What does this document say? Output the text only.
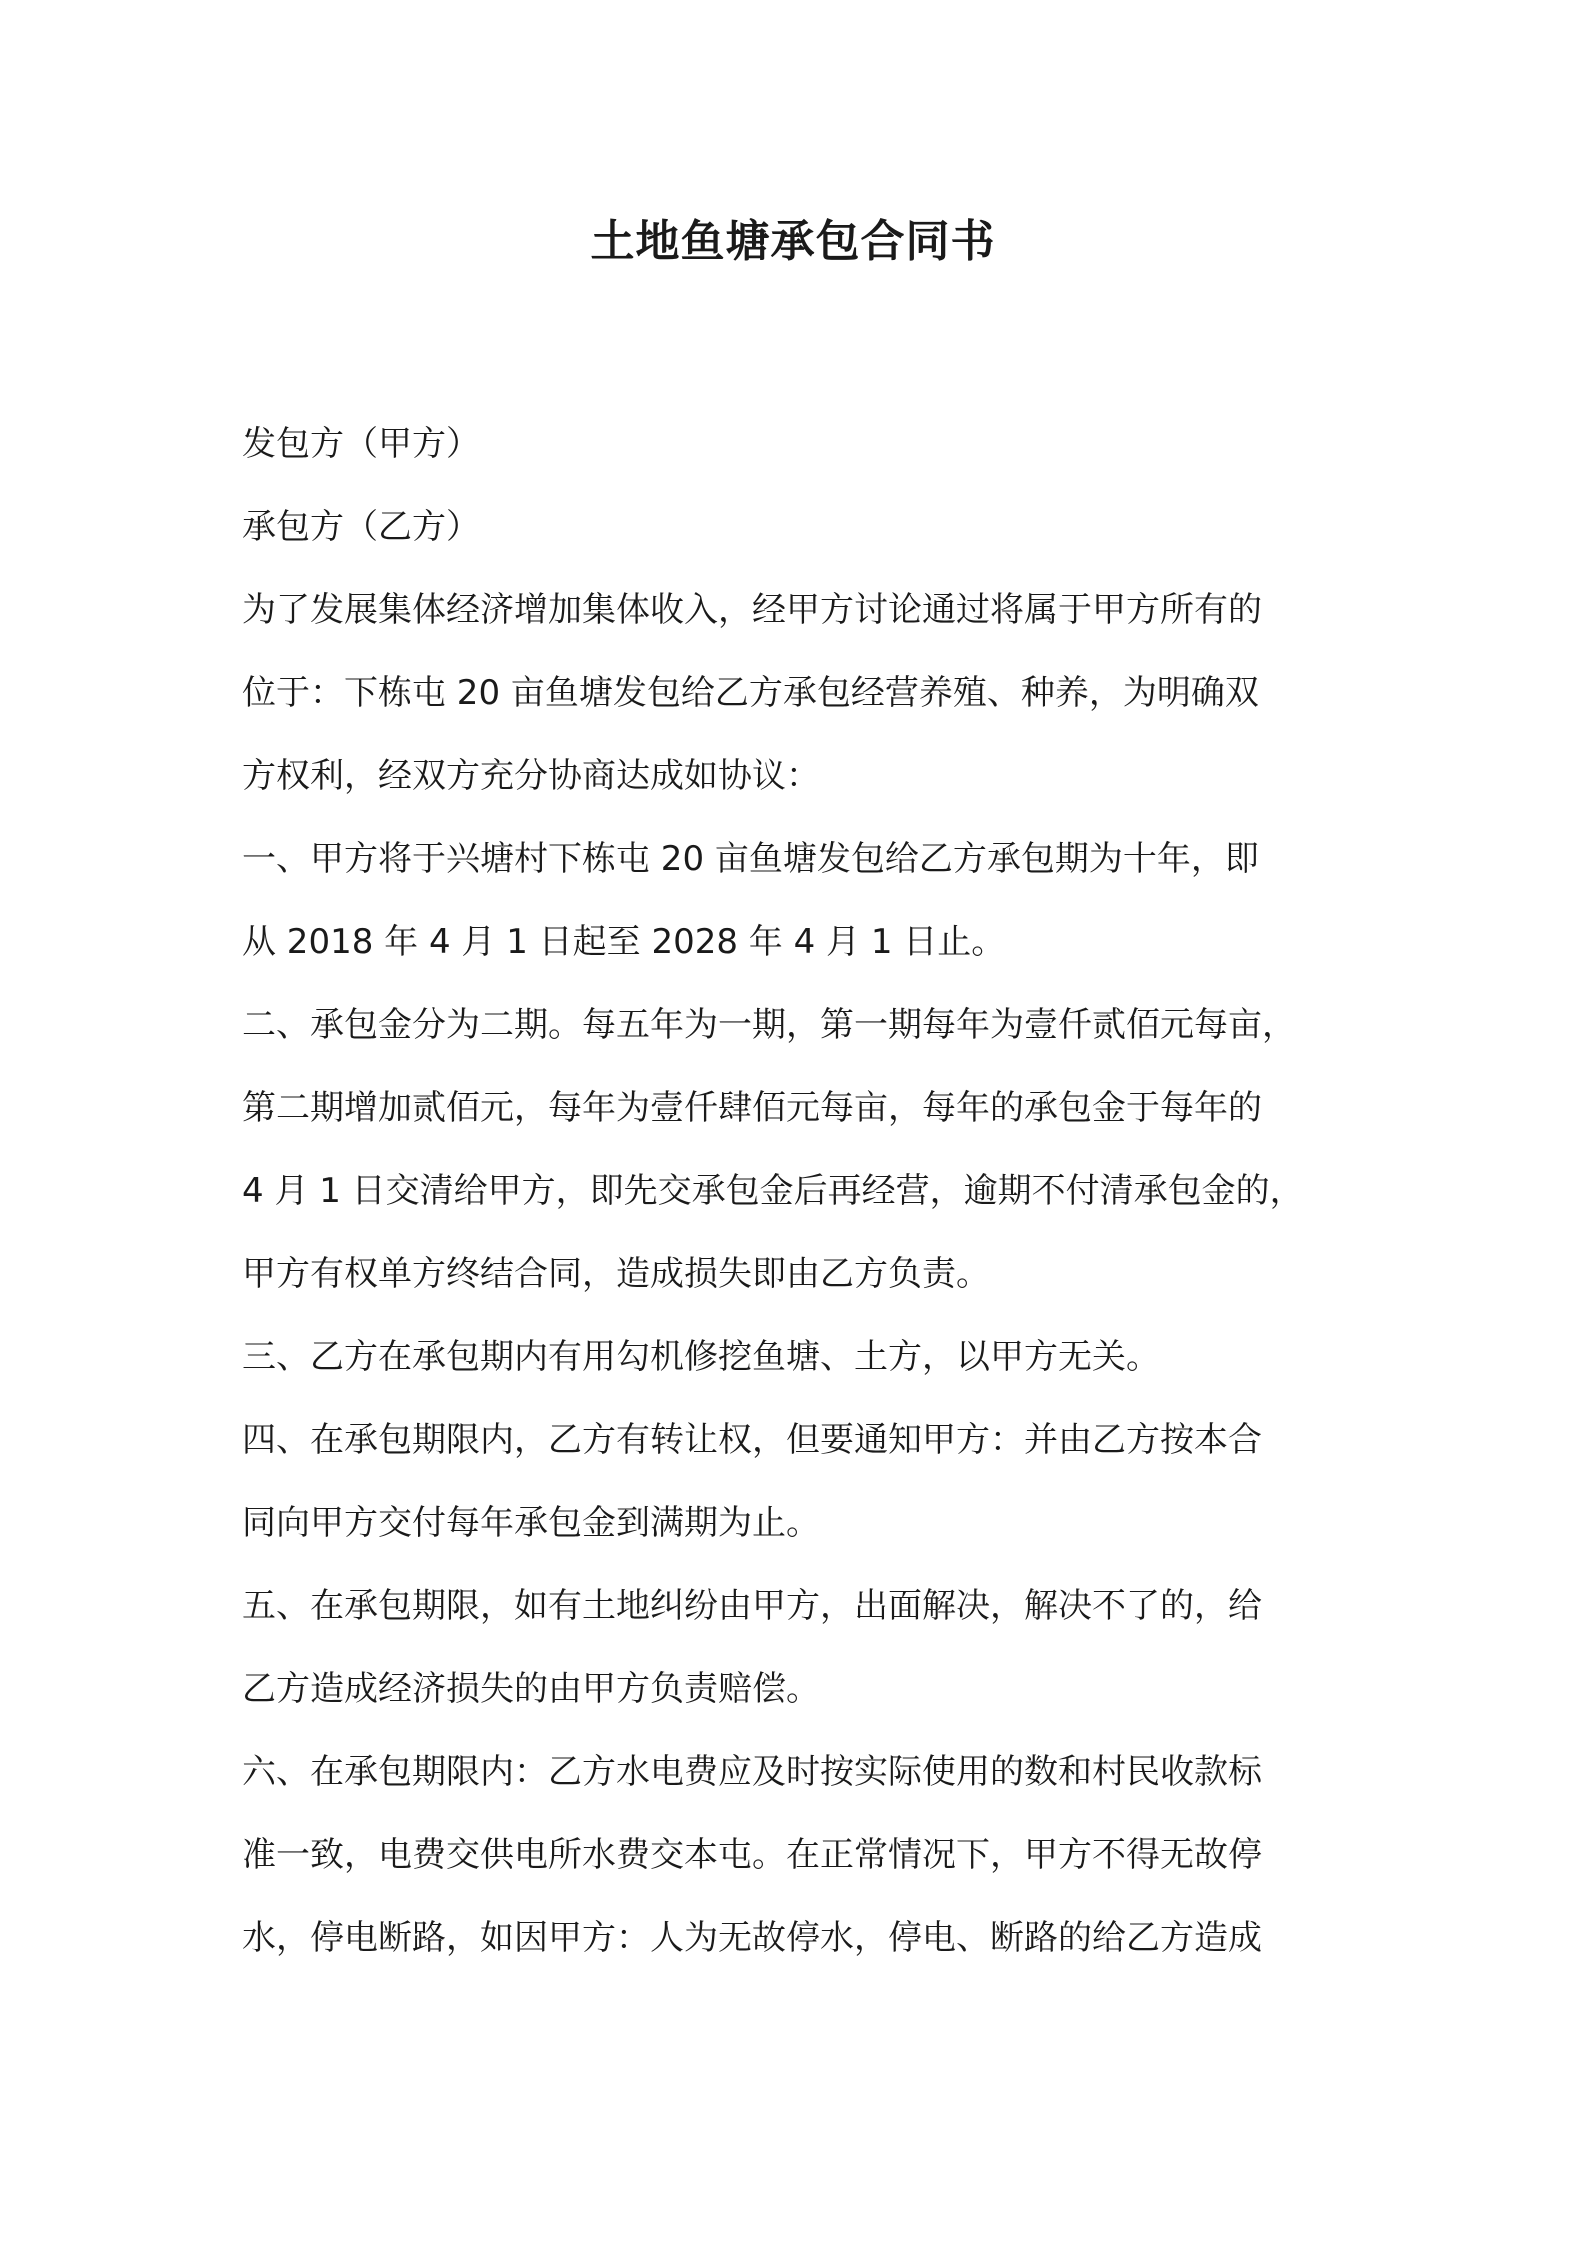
土地鱼塘承包合同书
发包方（甲方）
承包方（乙方）
为了发展集体经济增加集体收入，经甲方讨论通过将属于甲方所有的
位于：下栋屯 20 亩鱼塘发包给乙方承包经营养殖、种养，为明确双
方权利，经双方充分协商达成如协议：
一、甲方将于兴塘村下栋屯 20 亩鱼塘发包给乙方承包期为十年，即
从 2018 年 4 月 1 日起至 2028 年 4 月 1 日止。
二、承包金分为二期。每五年为一期，第一期每年为壹仟贰佰元每亩，
第二期增加贰佰元，每年为壹仟肆佰元每亩，每年的承包金于每年的
4 月 1 日交清给甲方，即先交承包金后再经营，逾期不付清承包金的，
甲方有权单方终结合同，造成损失即由乙方负责。
三、乙方在承包期内有用勾机修挖鱼塘、土方，以甲方无关。
四、在承包期限内，乙方有转让权，但要通知甲方：并由乙方按本合
同向甲方交付每年承包金到满期为止。
五、在承包期限，如有土地纠纷由甲方，出面解决，解决不了的，给
乙方造成经济损失的由甲方负责赔偿。
六、在承包期限内：乙方水电费应及时按实际使用的数和村民收款标
准一致，电费交供电所水费交本屯。在正常情况下，甲方不得无故停
水，停电断路，如因甲方：人为无故停水，停电、断路的给乙方造成
